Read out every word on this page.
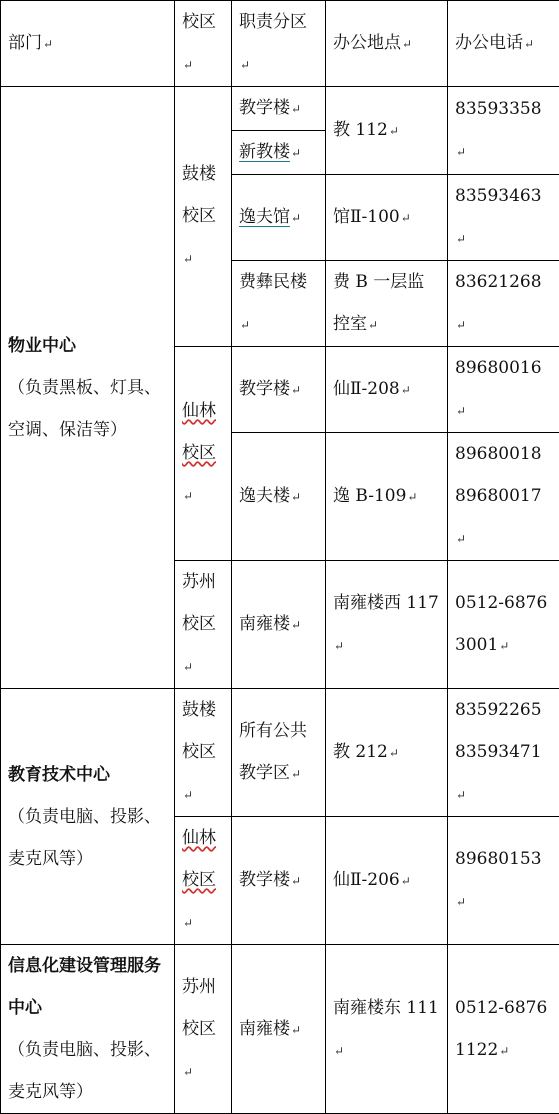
部门↵	校区↵	职责分区↵	办公地点↵	办公电话↵

物业中心
（负责黑板、灯具、空调、保洁等）	鼓楼校区↵	教学楼↵	教 112↵	83593358↵
		新教楼↵		
		逸夫馆↵	馆Ⅱ-100↵	83593463↵
		费彝民楼↵	费 B 一层监控室↵	83621268↵
	仙林校区↵	教学楼↵	仙Ⅱ-208↵	89680016↵
		逸夫楼↵	逸 B-109↵	89680018
89680017↵

	苏州校区↵	南雍楼↵	南雍楼西 117↵	0512-68763001↵

教育技术中心
（负责电脑、投影、麦克风等）	鼓楼校区↵	所有公共教学区↵	教 212↵	83592265
83593471↵

	仙林校区↵	教学楼↵	仙Ⅱ-206↵	89680153↵

信息化建设管理服务中心
（负责电脑、投影、麦克风等）	苏州校区↵	南雍楼↵	南雍楼东 111↵	0512-68761122↵
